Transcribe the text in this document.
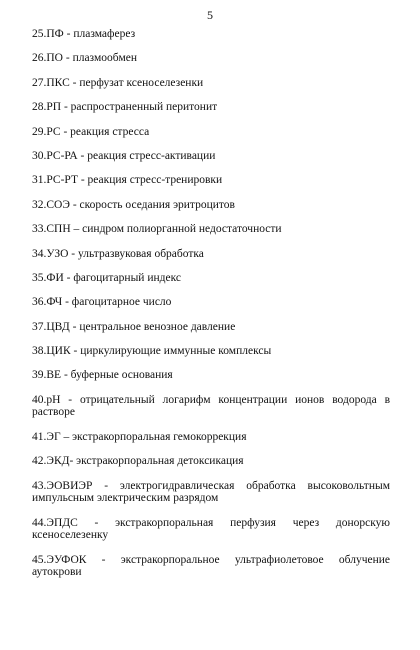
5
25.ПФ - плазмаферез
26.ПО - плазмообмен
27.ПКС - перфузат ксеноселезенки
28.РП - распространенный перитонит
29.РС - реакция стресса
30.РС-РА - реакция стресс-активации
31.РС-РТ - реакция стресс-тренировки
32.СОЭ - скорость оседания эритроцитов
33.СПН – синдром полиорганной недостаточности
34.УЗО - ультразвуковая обработка
35.ФИ - фагоцитарный индекс
36.ФЧ - фагоцитарное число
37.ЦВД - центральное венозное давление
38.ЦИК - циркулирующие иммунные комплексы
39.ВЕ - буферные основания
40.рН - отрицательный логарифм концентрации ионов водорода в растворе
41.ЭГ – экстракорпоральная гемокоррекция
42.ЭКД- экстракорпоральная детоксикация
43.ЭОВИЭР - электрогидравлическая обработка высоковольтным импульсным электрическим разрядом
44.ЭПДС - экстракорпоральная перфузия через донорскую ксеноселезенку
45.ЭУФОК - экстракорпоральное ультрафиолетовое облучение аутокрови
